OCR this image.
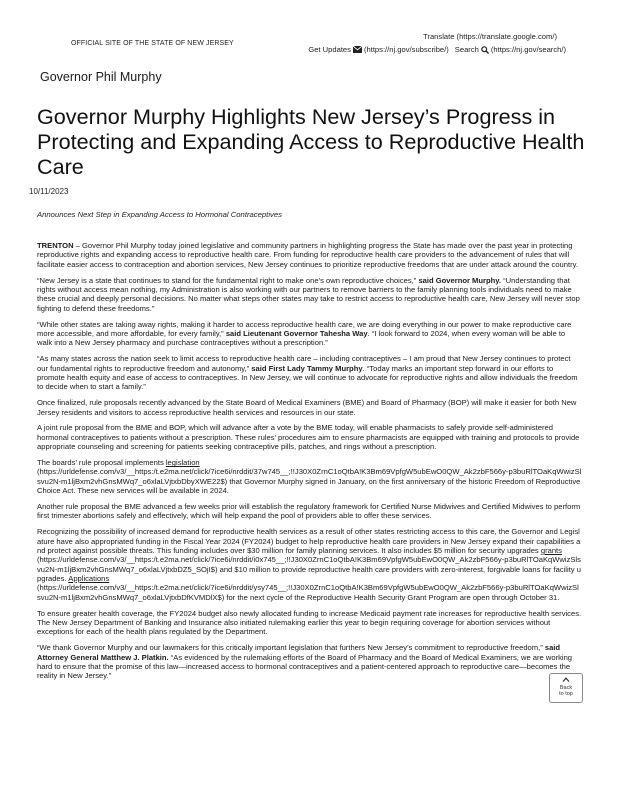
OFFICIAL SITE OF THE STATE OF NEW JERSEY
Translate (https://translate.google.com/)
Get Updates (https://nj.gov/subscribe/) Search (https://nj.gov/search/)
Governor Phil Murphy
Governor Murphy Highlights New Jersey’s Progress in Protecting and Expanding Access to Reproductive Health Care
10/11/2023
Announces Next Step in Expanding Access to Hormonal Contraceptives

TRENTON – Governor Phil Murphy today joined legislative and community partners in highlighting progress the State has made over the past year in protecting reproductive rights and expanding access to reproductive health care. From funding for reproductive health care providers to the advancement of rules that will facilitate easier access to contraception and abortion services, New Jersey continues to prioritize reproductive freedoms that are under attack around the country.

“New Jersey is a state that continues to stand for the fundamental right to make one’s own reproductive choices,” said Governor Murphy. “Understanding that rights without access mean nothing, my Administration is also working with our partners to remove barriers to the family planning tools individuals need to make these crucial and deeply personal decisions. No matter what steps other states may take to restrict access to reproductive health care, New Jersey will never stop fighting to defend these freedoms.”

“While other states are taking away rights, making it harder to access reproductive health care, we are doing everything in our power to make reproductive care more accessible, and more affordable, for every family,” said Lieutenant Governor Tahesha Way. “I look forward to 2024, when every woman will be able to walk into a New Jersey pharmacy and purchase contraceptives without a prescription.”

“As many states across the nation seek to limit access to reproductive health care – including contraceptives – I am proud that New Jersey continues to protect our fundamental rights to reproductive freedom and autonomy,” said First Lady Tammy Murphy. “Today marks an important step forward in our efforts to promote health equity and ease of access to contraceptives. In New Jersey, we will continue to advocate for reproductive rights and allow individuals the freedom to decide when to start a family.”

Once finalized, rule proposals recently advanced by the State Board of Medical Examiners (BME) and Board of Pharmacy (BOP) will make it easier for both New Jersey residents and visitors to access reproductive health services and resources in our state.

A joint rule proposal from the BME and BOP, which will advance after a vote by the BME today, will enable pharmacists to safely provide self-administered hormonal contraceptives to patients without a prescription. These rules’ procedures aim to ensure pharmacists are equipped with training and protocols to provide appropriate counseling and screening for patients seeking contraceptive pills, patches, and rings without a prescription.

The boards’ rule proposal implements legislation
(https://urldefense.com/v3/__https:/t.e2ma.net/click/7ice6i/nrddit/37w745__;!!J30X0ZrnC1oQtbA!K3Bm69VpfgW5ubEwO0QW_Ak2zbF566y-p3buRlTOaKqWwizSlsvu2N-m1ljBxm2vhGnsMWq7_o6xlaLVjtxbDbyXWE22$) that Governor Murphy signed in January, on the first anniversary of the historic Freedom of Reproductive Choice Act. These new services will be available in 2024.

Another rule proposal the BME advanced a few weeks prior will establish the regulatory framework for Certified Nurse Midwives and Certified Midwives to perform first trimester abortions safely and effectively, which will help expand the pool of providers able to offer these services.

Recognizing the possibility of increased demand for reproductive health services as a result of other states restricting access to this care, the Governor and Legislature have also appropriated funding in the Fiscal Year 2024 (FY2024) budget to help reproductive health care providers in New Jersey expand their capabilities and protect against possible threats. This funding includes over $30 million for family planning services. It also includes $5 million for security upgrades grants
(https://urldefense.com/v3/__https:/t.e2ma.net/click/7ice6i/nrddit/i0x745__;!!J30X0ZrnC1oQtbA!K3Bm69VpfgW5ubEwO0QW_Ak2zbF566y-p3buRlTOaKqWwizSlsvu2N-m1ljBxm2vhGnsMWq7_o6xlaLVjtxbDZ5_SOjI$) and $10 million to provide reproductive health care providers with zero-interest, forgivable loans for facility upgrades. Applications
(https://urldefense.com/v3/__https:/t.e2ma.net/click/7ice6i/nrddit/ysy745__;!!J30X0ZrnC1oQtbA!K3Bm69VpfgW5ubEwO0QW_Ak2zbF566y-p3buRlTOaKqWwizSlsvu2N-m1ljBxm2vhGnsMWq7_o6xlaLVjtxbDfKVMDlX$) for the next cycle of the Reproductive Health Security Grant Program are open through October 31.

To ensure greater health coverage, the FY2024 budget also newly allocated funding to increase Medicaid payment rate increases for reproductive health services. The New Jersey Department of Banking and Insurance also initiated rulemaking earlier this year to begin requiring coverage for abortion services without exceptions for each of the health plans regulated by the Department.

“We thank Governor Murphy and our lawmakers for this critically important legislation that furthers New Jersey’s commitment to reproductive freedom,” said Attorney General Matthew J. Platkin. “As evidenced by the rulemaking efforts of the Board of Pharmacy and the Board of Medical Examiners, we are working hard to ensure that the promise of this law—increased access to hormonal contraceptives and a patient-centered approach to reproductive care—becomes the reality in New Jersey.”

Back
to top
